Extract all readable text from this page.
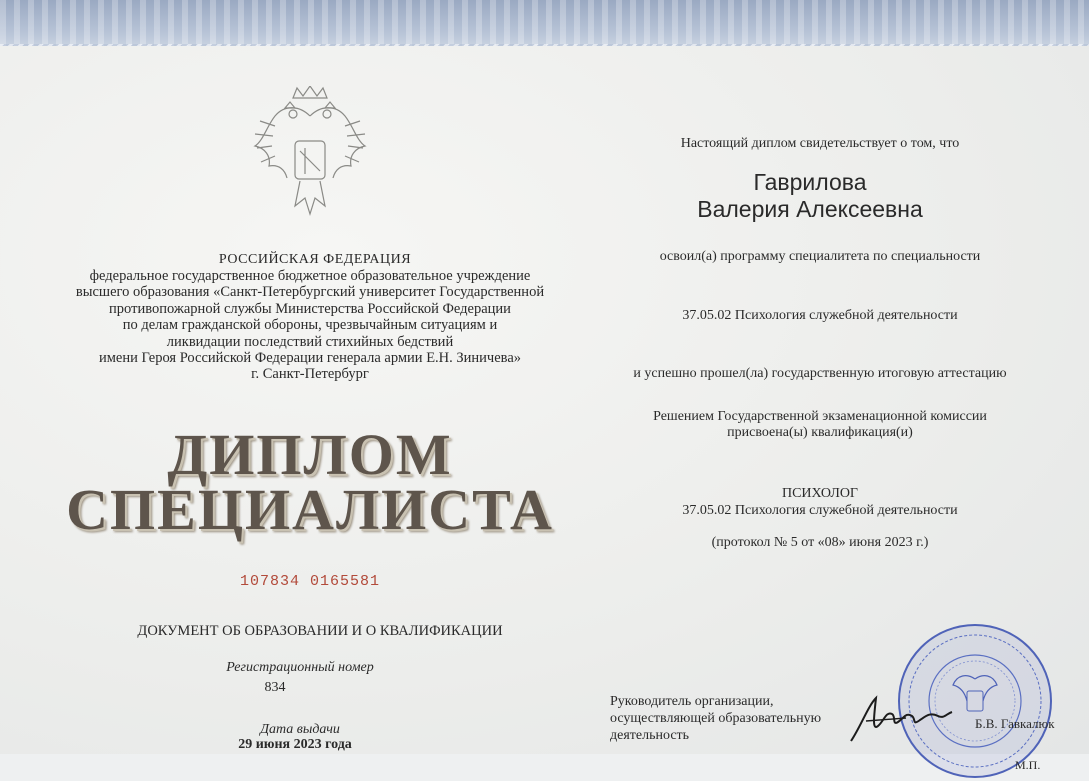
РОССИЙСКАЯ ФЕДЕРАЦИЯ
федеральное государственное бюджетное образовательное учреждение
высшего образования «Санкт-Петербургский университет Государственной
противопожарной службы Министерства Российской Федерации
по делам гражданской обороны, чрезвычайным ситуациям и
ликвидации последствий стихийных бедствий
имени Героя Российской Федерации генерала армии Е.Н. Зиничева»
г. Санкт-Петербург
ДИПЛОМ
СПЕЦИАЛИСТА
107834 0165581
ДОКУМЕНТ ОБ ОБРАЗОВАНИИ И О КВАЛИФИКАЦИИ
Регистрационный номер
834
Дата выдачи
29 июня 2023 года
Настоящий диплом свидетельствует о том, что
Гаврилова
Валерия Алексеевна
освоил(а) программу специалитета по специальности
37.05.02 Психология служебной деятельности
и успешно прошел(ла) государственную итоговую аттестацию
Решением Государственной экзаменационной комиссии
присвоена(ы) квалификация(и)
ПСИХОЛОГ
37.05.02 Психология служебной деятельности
(протокол № 5 от «08» июня 2023 г.)
Руководитель организации,
осуществляющей образовательную
деятельность
Б.В. Гавкалюк
М.П.
